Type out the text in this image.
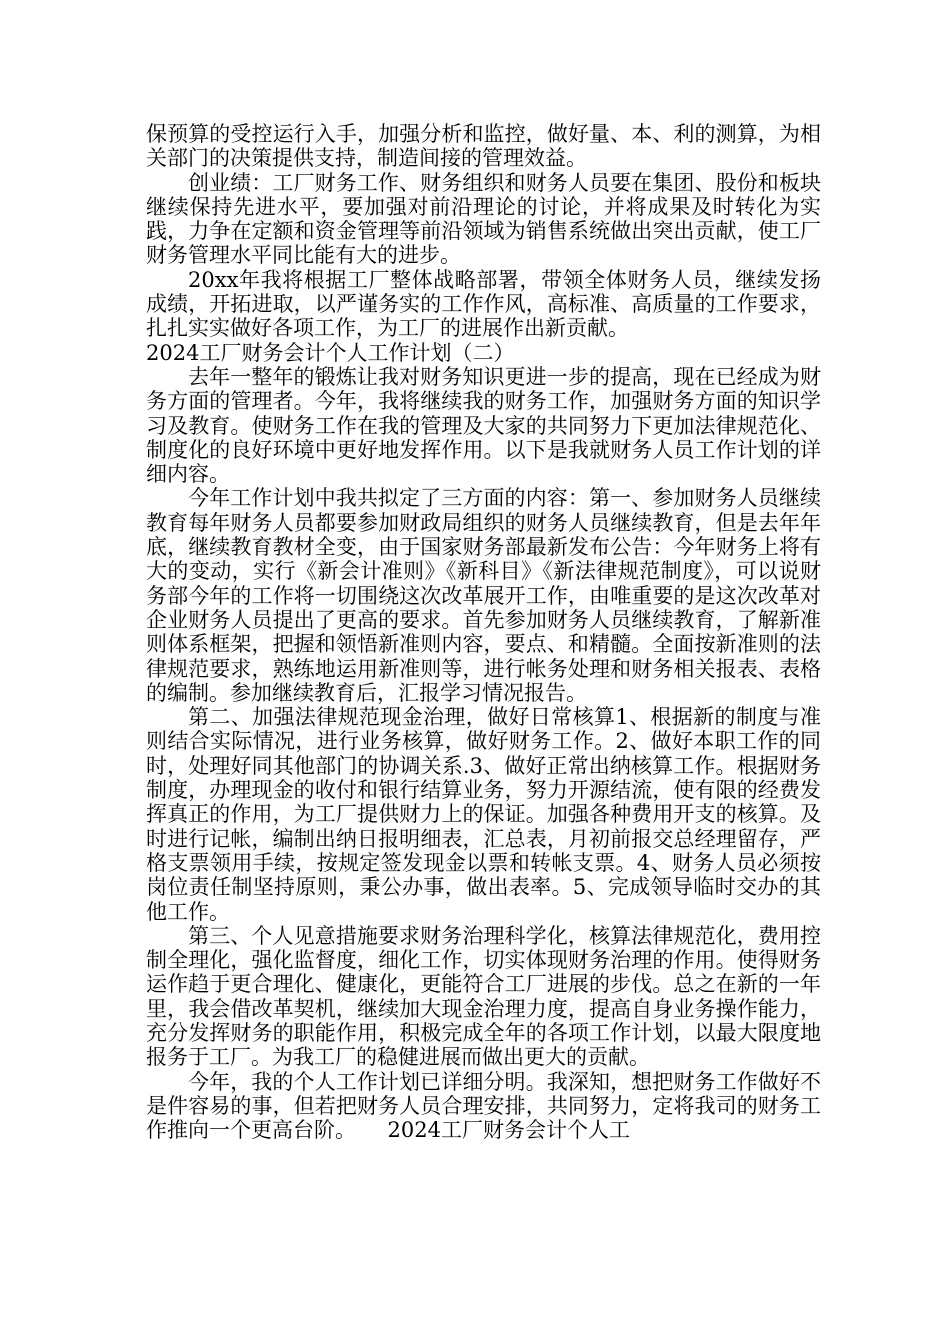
保预算的受控运行入手，加强分析和监控，做好量、本、利的测算，为相关部门的决策提供支持，制造间接的管理效益。

创业绩：工厂财务工作、财务组织和财务人员要在集团、股份和板块继续保持先进水平，要加强对前沿理论的讨论，并将成果及时转化为实践，力争在定额和资金管理等前沿领域为销售系统做出突出贡献，使工厂财务管理水平同比能有大的进步。

20xx年我将根据工厂整体战略部署，带领全体财务人员，继续发扬成绩，开拓进取，以严谨务实的工作作风，高标准、高质量的工作要求，扎扎实实做好各项工作，为工厂的进展作出新贡献。

2024工厂财务会计个人工作计划（二）

去年一整年的锻炼让我对财务知识更进一步的提高，现在已经成为财务方面的管理者。今年，我将继续我的财务工作，加强财务方面的知识学习及教育。使财务工作在我的管理及大家的共同努力下更加法律规范化、制度化的良好环境中更好地发挥作用。以下是我就财务人员工作计划的详细内容。

今年工作计划中我共拟定了三方面的内容：第一、参加财务人员继续教育每年财务人员都要参加财政局组织的财务人员继续教育，但是去年年底，继续教育教材全变，由于国家财务部最新发布公告：今年财务上将有大的变动，实行《新会计准则》《新科目》《新法律规范制度》，可以说财务部今年的工作将一切围绕这次改革展开工作，由唯重要的是这次改革对企业财务人员提出了更高的要求。首先参加财务人员继续教育，了解新准则体系框架，把握和领悟新准则内容，要点、和精髓。全面按新准则的法律规范要求，熟练地运用新准则等，进行帐务处理和财务相关报表、表格的编制。参加继续教育后，汇报学习情况报告。

第二、加强法律规范现金治理，做好日常核算1、根据新的制度与准则结合实际情况，进行业务核算，做好财务工作。2、做好本职工作的同时，处理好同其他部门的协调关系.3、做好正常出纳核算工作。根据财务制度，办理现金的收付和银行结算业务，努力开源结流，使有限的经费发挥真正的作用，为工厂提供财力上的保证。加强各种费用开支的核算。及时进行记帐，编制出纳日报明细表，汇总表，月初前报交总经理留存，严格支票领用手续，按规定签发现金以票和转帐支票。4、财务人员必须按岗位责任制坚持原则，秉公办事，做出表率。5、完成领导临时交办的其他工作。

第三、个人见意措施要求财务治理科学化，核算法律规范化，费用控制全理化，强化监督度，细化工作，切实体现财务治理的作用。使得财务运作趋于更合理化、健康化，更能符合工厂进展的步伐。总之在新的一年里，我会借改革契机，继续加大现金治理力度，提高自身业务操作能力，充分发挥财务的职能作用，积极完成全年的各项工作计划，以最大限度地报务于工厂。为我工厂的稳健进展而做出更大的贡献。

今年，我的个人工作计划已详细分明。我深知，想把财务工作做好不是件容易的事，但若把财务人员合理安排，共同努力，定将我司的财务工作推向一个更高台阶。　　2024工厂财务会计个人工
